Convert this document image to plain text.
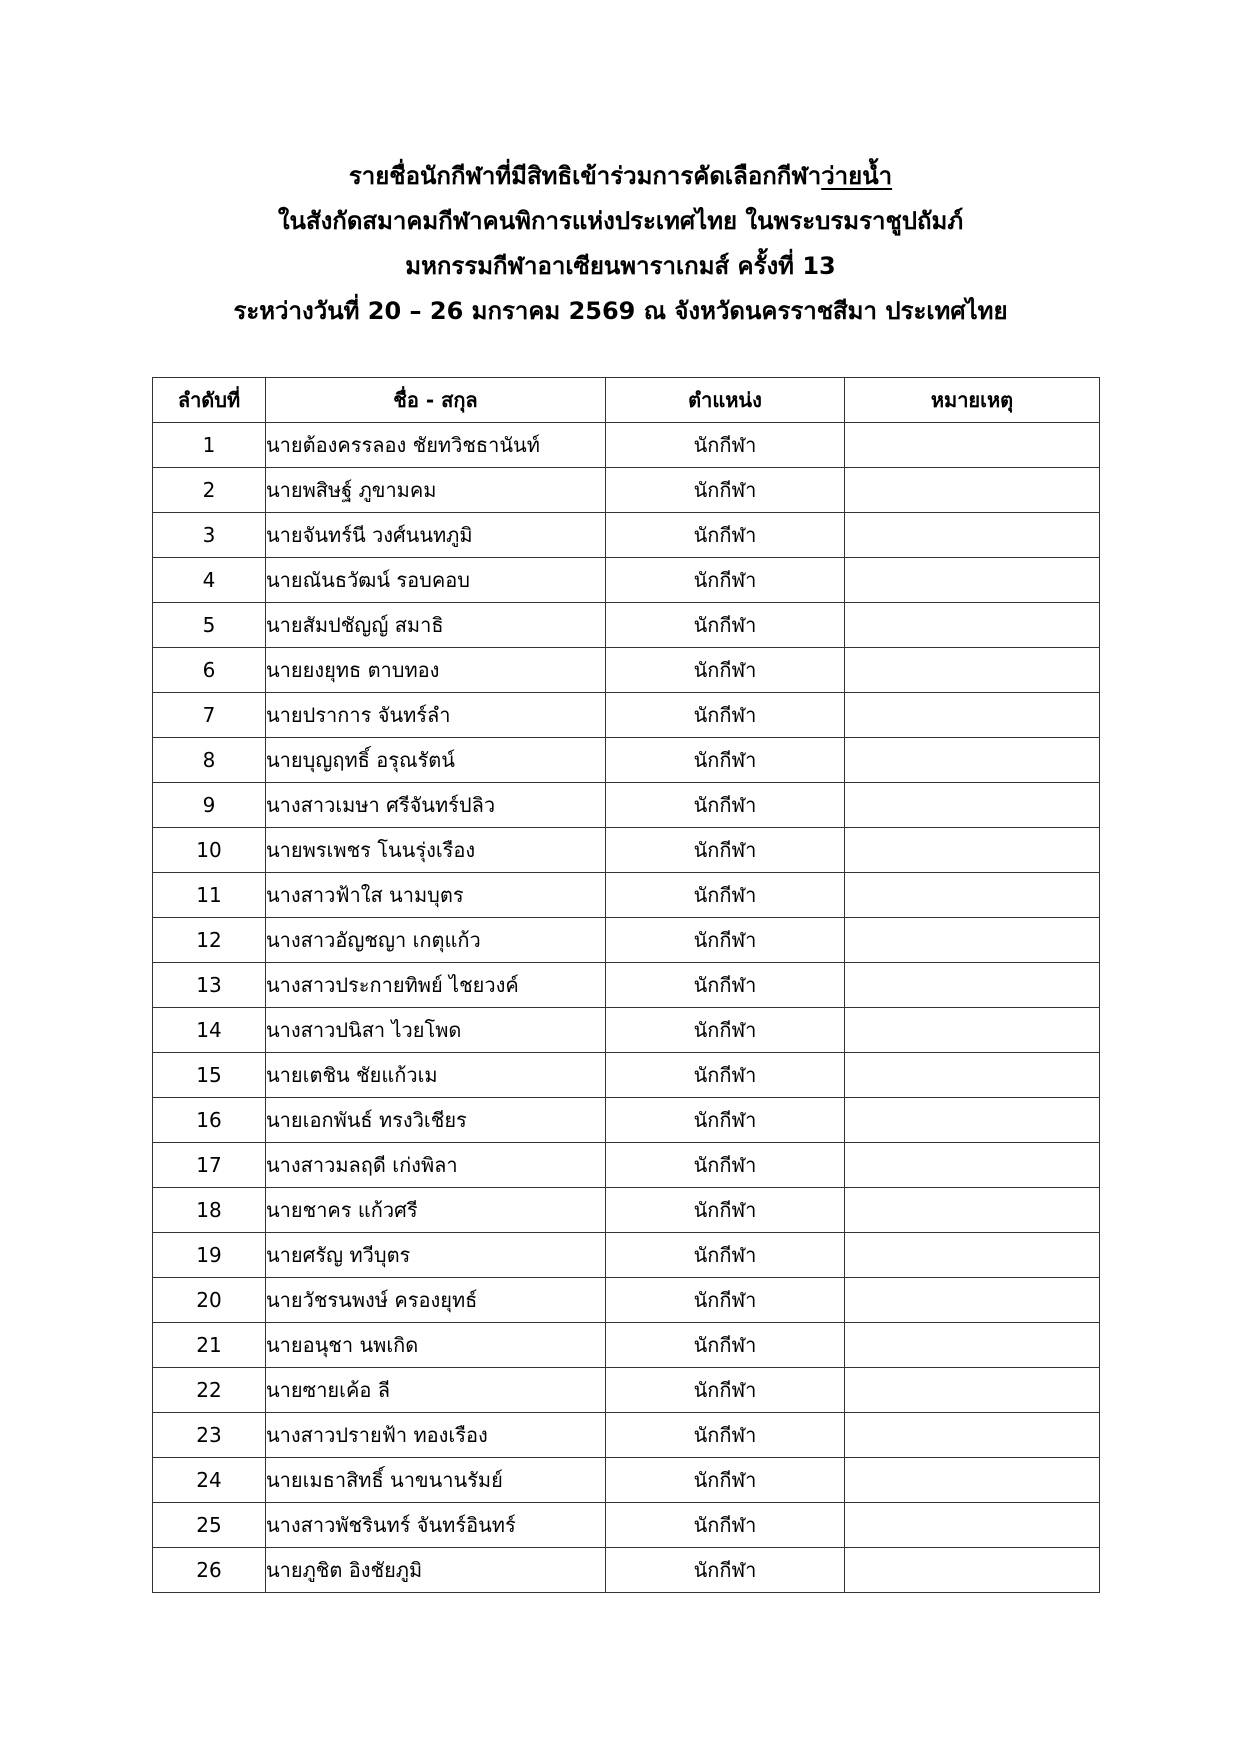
รายชื่อนักกีฬาที่มีสิทธิเข้าร่วมการคัดเลือกกีฬาว่ายน้ำ
ในสังกัดสมาคมกีฬาคนพิการแห่งประเทศไทย ในพระบรมราชูปถัมภ์
มหกรรมกีฬาอาเซียนพาราเกมส์ ครั้งที่ 13
ระหว่างวันที่ 20 – 26 มกราคม 2569 ณ จังหวัดนครราชสีมา ประเทศไทย
ลำดับที่	ชื่อ - สกุล	ตำแหน่ง	หมายเหตุ
1	นายต้องครรลอง ชัยทวิชธานันท์	นักกีฬา	
2	นายพสิษฐ์ ภูขามคม	นักกีฬา	
3	นายจันทร์นี วงศ์นนทภูมิ	นักกีฬา	
4	นายณันธวัฒน์ รอบคอบ	นักกีฬา	
5	นายสัมปชัญญ์ สมาธิ	นักกีฬา	
6	นายยงยุทธ ตาบทอง	นักกีฬา	
7	นายปราการ จันทร์ลำ	นักกีฬา	
8	นายบุญฤทธิ์ อรุณรัตน์	นักกีฬา	
9	นางสาวเมษา ศรีจันทร์ปลิว	นักกีฬา	
10	นายพรเพชร โนนรุ่งเรือง	นักกีฬา	
11	นางสาวฟ้าใส นามบุตร	นักกีฬา	
12	นางสาวอัญชญา เกตุแก้ว	นักกีฬา	
13	นางสาวประกายทิพย์ ไชยวงค์	นักกีฬา	
14	นางสาวปนิสา ไวยโพด	นักกีฬา	
15	นายเตชิน ชัยแก้วเม	นักกีฬา	
16	นายเอกพันธ์ ทรงวิเชียร	นักกีฬา	
17	นางสาวมลฤดี เก่งพิลา	นักกีฬา	
18	นายชาคร แก้วศรี	นักกีฬา	
19	นายศรัญ ทวีบุตร	นักกีฬา	
20	นายวัชรนพงษ์ ครองยุทธ์	นักกีฬา	
21	นายอนุชา นพเกิด	นักกีฬา	
22	นายซายเค้อ ลี	นักกีฬา	
23	นางสาวปรายฟ้า ทองเรือง	นักกีฬา	
24	นายเมธาสิทธิ์ นาขนานรัมย์	นักกีฬา	
25	นางสาวพัชรินทร์ จันทร์อินทร์	นักกีฬา	
26	นายภูชิต อิงชัยภูมิ	นักกีฬา	
